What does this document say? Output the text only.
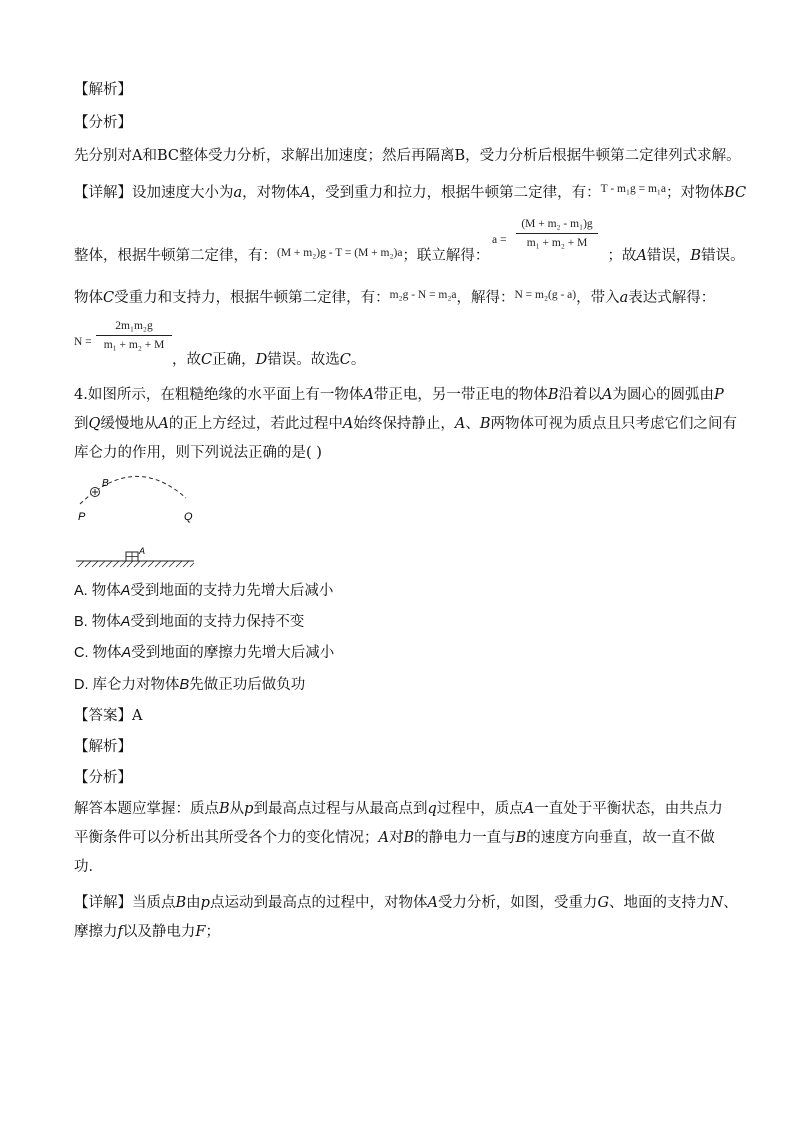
【解析】
【分析】
先分别对A和BC整体受力分析，求解出加速度；然后再隔离B，受力分析后根据牛顿第二定律列式求解。
【详解】设加速度大小为a，对物体A，受到重力和拉力，根据牛顿第二定律，有：$^{T - m_1g = m_1a}$；对物体BC
整体，根据牛顿第二定律，有：$^{(M + m_2)g - T = (M + m_2)a}$；联立解得：	；故A错误，B错误。
a =
(M + m₂ - m₁)g
m₁ + m₂ + M
物体C受重力和支持力，根据牛顿第二定律，有：$^{m_2g - N = m_2a}$，解得：$^{N = m_2(g - a)}$，带入a表达式解得：
N =
2m₁m₂g
m₁ + m₂ + M
，故C正确，D错误。故选C。
4.如图所示，在粗糙绝缘的水平面上有一物体A带正电，另一带正电的物体B沿着以A为圆心的圆弧由P
到Q缓慢地从A的正上方经过，若此过程中A始终保持静止，A、B两物体可视为质点且只考虑它们之间有
库仑力的作用，则下列说法正确的是( )
B
P	Q
A
A. 物体A受到地面的支持力先增大后减小
B. 物体A受到地面的支持力保持不变
C. 物体A受到地面的摩擦力先增大后减小
D. 库仑力对物体B先做正功后做负功
【答案】A
【解析】
【分析】
解答本题应掌握：质点B从p到最高点过程与从最高点到q过程中，质点A一直处于平衡状态，由共点力
平衡条件可以分析出其所受各个力的变化情况；A对B的静电力一直与B的速度方向垂直，故一直不做
功．
【详解】当质点B由p点运动到最高点的过程中，对物体A受力分析，如图，受重力G、地面的支持力N、
摩擦力f以及静电力F；
